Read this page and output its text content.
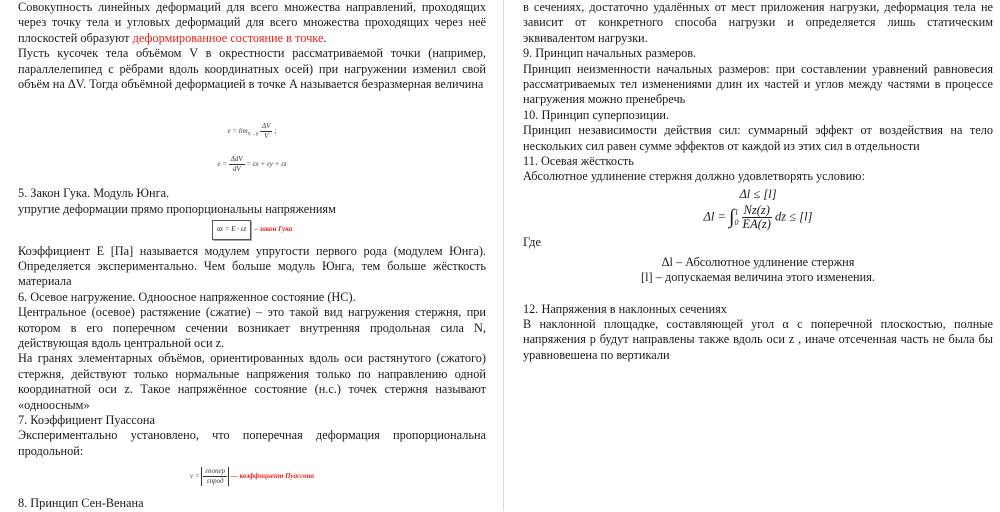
Совокупность линейных деформаций для всего множества направлений, проходящих через точку тела и угловых деформаций для всего множества проходящих через неё плоскостей образуют деформированное состояние в точке.

Пусть кусочек тела объёмом V в окрестности рассматриваемой точки (например, параллелепипед с рёбрами вдоль координатных осей) при нагружении изменил свой объём на ΔV. Тогда объёмной деформацией в точке A называется безразмерная величина

$e = \lim_{V\to 0} \frac{\Delta V}{V}$ ;
$e = \frac{\text{ΔdV}}{dV} = \varepsilon x + \varepsilon y + \varepsilon z$

5. Закон Гука. Модуль Юнга.

упругие деформации прямо пропорциональны напряжениям

σz = E · εz – закон Гука

Коэффициент E [Па] называется модулем упругости первого рода (модулем Юнга). Определяется экспериментально. Чем больше модуль Юнга, тем больше жёсткость материала

6. Осевое нагружение. Одноосное напряженное состояние (НС).

Центральное (осевое) растяжение (сжатие) – это такой вид нагружения стержня, при котором в его поперечном сечении возникает внутренняя продольная сила N, действующая вдоль центральной оси z.

На гранях элементарных объёмов, ориентированных вдоль оси растянутого (сжатого) стержня, действуют только нормальные напряжения только по направлению одной координатной оси z. Такое напряжённое состояние (н.с.) точек стержня называют «одноосным»

7. Коэффициент Пуассона

Экспериментально установлено, что поперечная деформация пропорциональна продольной:

$\nu = \frac{\text{εпопер}}{\text{εпрод}}$ — коэффициент Пуассона

8. Принцип Сен-Венана

в сечениях, достаточно удалённых от мест приложения нагрузки, деформация тела не зависит от конкретного способа нагрузки и определяется лишь статическим эквивалентом нагрузки.

9. Принцип начальных размеров.

Принцип неизменности начальных размеров: при составлении уравнений равновесия рассматриваемых тел изменениями длин их частей и углов между частями в процессе нагружения можно пренебречь

10. Принцип суперпозиции.

Принцип независимости действия сил: суммарный эффект от воздействия на тело нескольких сил равен сумме эффектов от каждой из этих сил в отдельности

11. Осевая жёсткость

Абсолютное удлинение стержня должно удовлетворять условию:

Δl ≤ [l]
Δl = ∫ l
$0 \frac{Nz(z)}{EA(z)}$ dz ≤ [l]

Где

Δl – Абсолютное удлинение стержня

[l] – допускаемая величина этого изменения.

12. Напряжения в наклонных сечениях

В наклонной площадке, составляющей угол α с поперечной плоскостью, полные напряжения p будут направлены также вдоль оси z , иначе отсеченная часть не была бы уравновешена по вертикали
